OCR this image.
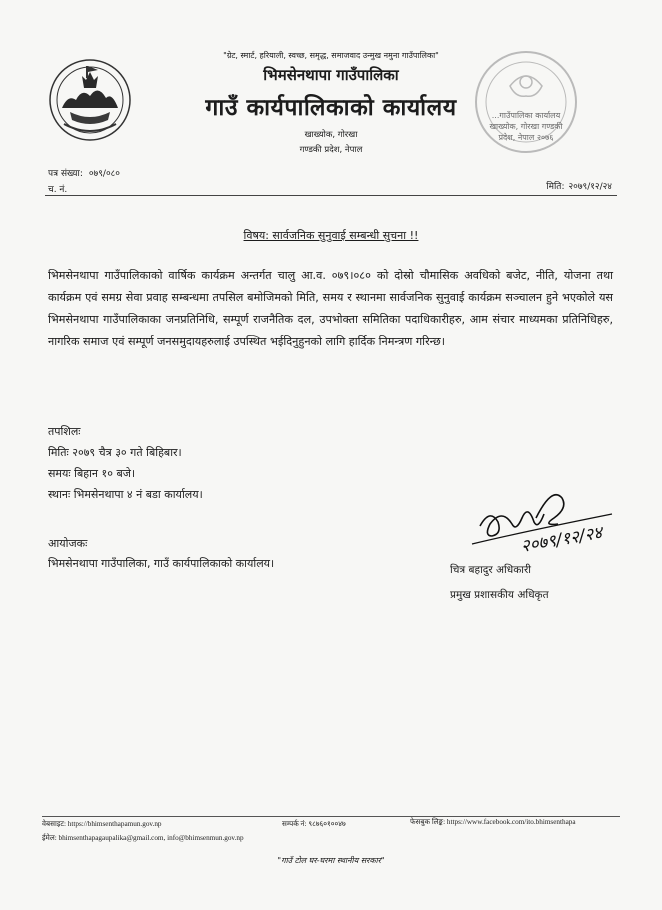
"ग्रेट, स्मार्ट, हरियाली, स्वच्छ, समृद्ध, समाजवाद उन्मुख नमुना गाउँपालिका"
भिमसेनथापा गाउँपालिका
गाउँ कार्यपालिकाको कार्यालय
खाख्योक, गोरखा
गण्डकी प्रदेश, नेपाल
...गाउँपालिका कार्यालय खाख्योक, गोरखा गण्डकी प्रदेश, नेपाल २०७६
पत्र संख्या: ०७९/०८०
च. नं.	मिति: २०७९/१२/२४
विषय: सार्वजनिक सुनुवाई सम्बन्धी सुचना !!

भिमसेनथापा गाउँपालिकाको वार्षिक कार्यक्रम अन्तर्गत चालु आ.व. ०७९।०८० को दोस्रो चौमासिक अवधिको बजेट, नीति, योजना तथा कार्यक्रम एवं समग्र सेवा प्रवाह सम्बन्धमा तपसिल बमोजिमको मिति, समय र स्थानमा सार्वजनिक सुनुवाई कार्यक्रम सञ्चालन हुने भएकोले यस भिमसेनथापा गाउँपालिकाका जनप्रतिनिधि, सम्पूर्ण राजनैतिक दल, उपभोक्ता समितिका पदाधिकारीहरु, आम संचार माध्यमका प्रतिनिधिहरु, नागरिक समाज एवं सम्पूर्ण जनसमुदायहरुलाई उपस्थित भईदिनुहुनको लागि हार्दिक निमन्त्रण गरिन्छ।

तपशिलः
मितिः २०७९ चैत्र ३० गते बिहिबार।
समयः बिहान १० बजे।
स्थानः भिमसेनथापा ४ नं बडा कार्यालय।
आयोजकः
भिमसेनथापा गाउँपालिका, गाउँ कार्यपालिकाको कार्यालय।
२०७९/१२/२४
चित्र बहादुर अधिकारी
प्रमुख प्रशासकीय अधिकृत
वेबसाइट: https://bhimsenthapamun.gov.np	सम्पर्क नं: ९८७६०१००४७	फेसबुक लिङ्क: https://www.facebook.com/ito.bhimsenthapa
ईमेल: bhimsenthapagaupalika@gmail.com, info@bhimsenmun.gov.np
"गाउँ टोल घर-घरमा स्थानीय सरकार"
